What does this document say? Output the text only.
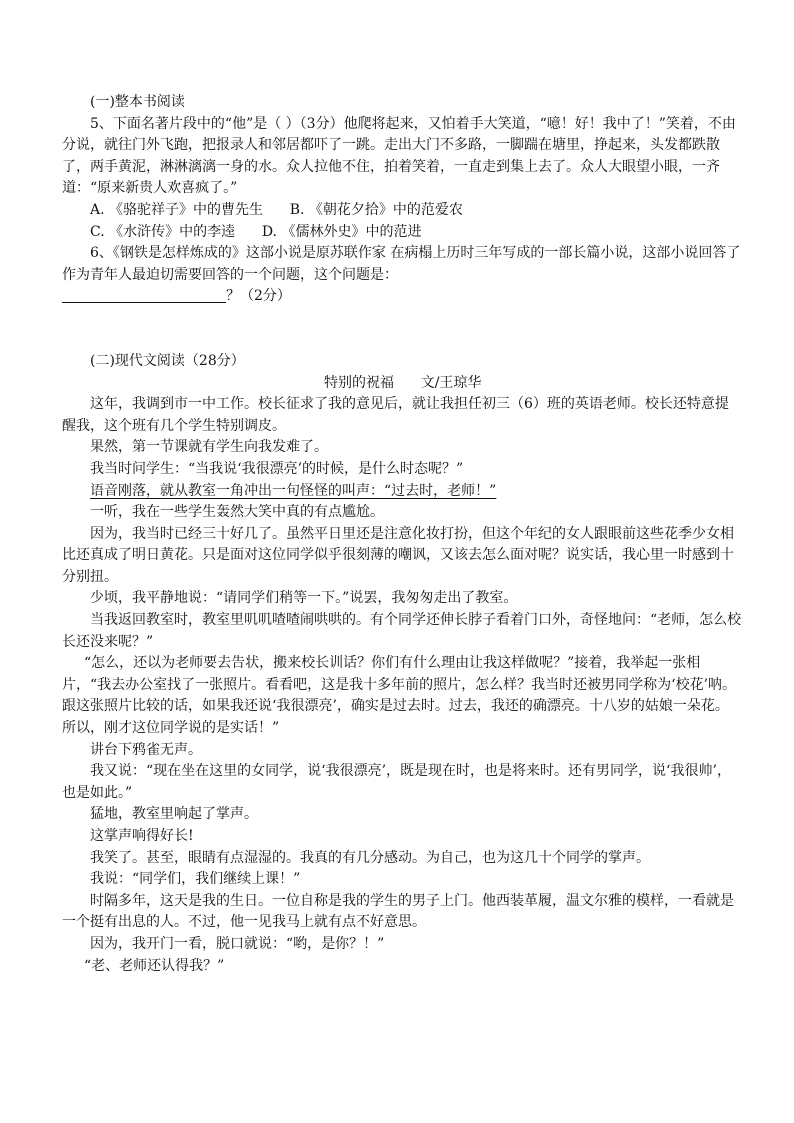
(一)整本书阅读

5、下面名著片段中的“他”是（ ）（3分）他爬将起来，又怕着手大笑道，“噫！好！我中了！”笑着，不由分说，就往门外飞跑，把报录人和邻居都吓了一跳。走出大门不多路，一脚踹在塘里，挣起来，头发都跌散了，两手黄泥，淋淋漓漓一身的水。众人拉他不住，拍着笑着，一直走到集上去了。众人大眼望小眼，一齐道：“原来新贵人欢喜疯了。”

A. 《骆驼祥子》中的曹先生 B. 《朝花夕拾》中的范爱农

C. 《水浒传》中的李逵 D. 《儒林外史》中的范进

6、《钢铁是怎样炼成的》这部小说是原苏联作家 在病榻上历时三年写成的一部长篇小说，这部小说回答了作为青年人最迫切需要回答的一个问题，这个问题是：

？（2分）

(二)现代文阅读（28分）

特别的祝福      文/王琼华

这年，我调到市一中工作。校长征求了我的意见后，就让我担任初三（6）班的英语老师。校长还特意提醒我，这个班有几个学生特别调皮。

果然，第一节课就有学生向我发难了。

我当时问学生：“当我说‘我很漂亮’的时候，是什么时态呢？”

语音刚落，就从教室一角冲出一句怪怪的叫声：“过去时，老师！”

一听，我在一些学生轰然大笑中真的有点尴尬。

因为，我当时已经三十好几了。虽然平日里还是注意化妆打扮，但这个年纪的女人跟眼前这些花季少女相比还真成了明日黄花。只是面对这位同学似乎很刻薄的嘲讽，又该去怎么面对呢？说实话，我心里一时感到十分别扭。

少顷，我平静地说：“请同学们稍等一下。”说罢，我匆匆走出了教室。

当我返回教室时，教室里叽叽喳喳闹哄哄的。有个同学还伸长脖子看着门口外，奇怪地问：“老师，怎么校长还没来呢？”

“怎么，还以为老师要去告状，搬来校长训话？你们有什么理由让我这样做呢？”接着，我举起一张相片，“我去办公室找了一张照片。看看吧，这是我十多年前的照片，怎么样？我当时还被男同学称为‘校花’呐。跟这张照片比较的话，如果我还说‘我很漂亮’，确实是过去时。过去，我还的确漂亮。十八岁的姑娘一朵花。所以，刚才这位同学说的是实话！”

讲台下鸦雀无声。

我又说：“现在坐在这里的女同学，说‘我很漂亮’，既是现在时，也是将来时。还有男同学，说‘我很帅’，也是如此。”

猛地，教室里响起了掌声。

这掌声响得好长!

我笑了。甚至，眼睛有点湿湿的。我真的有几分感动。为自己，也为这几十个同学的掌声。

我说：“同学们，我们继续上课！”

时隔多年，这天是我的生日。一位自称是我的学生的男子上门。他西装革履，温文尔雅的模样，一看就是一个挺有出息的人。不过，他一见我马上就有点不好意思。

因为，我开门一看，脱口就说：“哟，是你？！”

“老、老师还认得我？”
